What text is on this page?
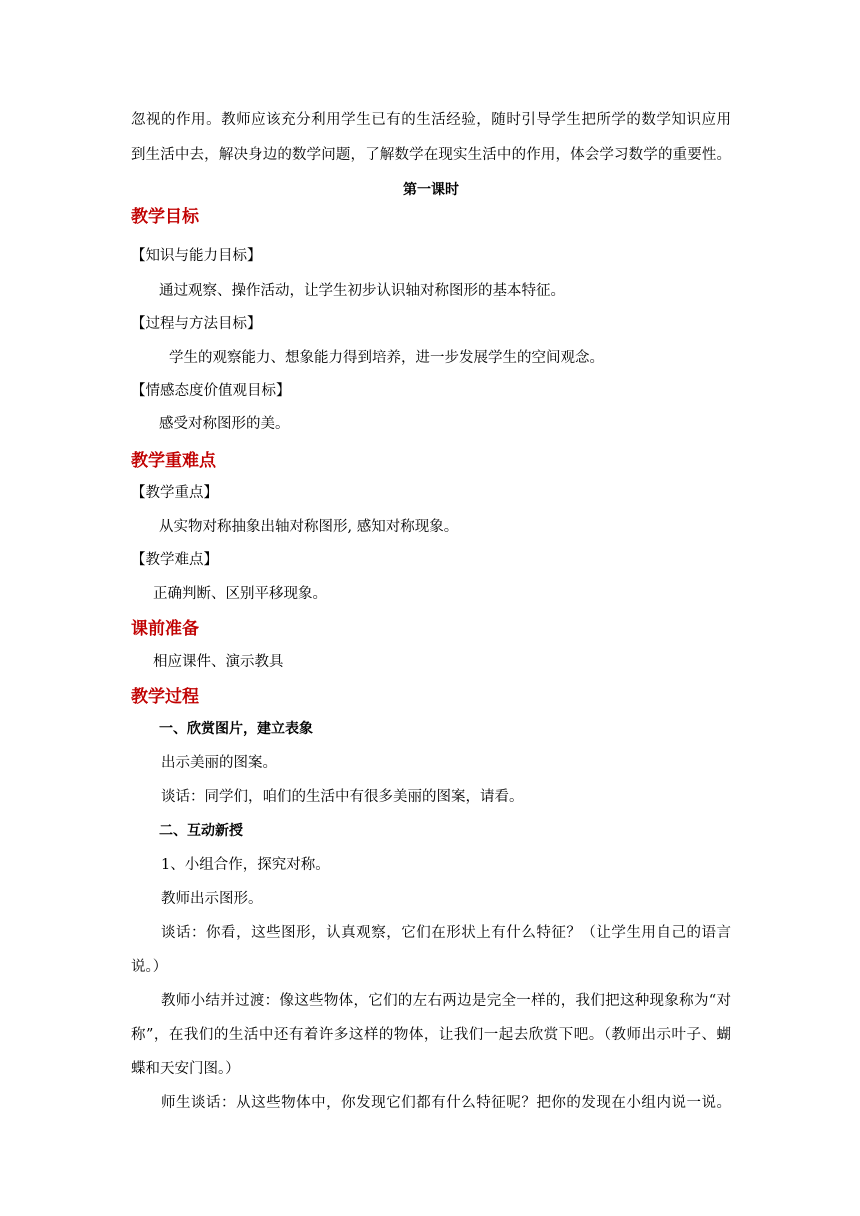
忽视的作用。教师应该充分利用学生已有的生活经验，随时引导学生把所学的数学知识应用
到生活中去，解决身边的数学问题，了解数学在现实生活中的作用，体会学习数学的重要性。
第一课时
教学目标
【知识与能力目标】
通过观察、操作活动，让学生初步认识轴对称图形的基本特征。
【过程与方法目标】
学生的观察能力、想象能力得到培养，进一步发展学生的空间观念。
【情感态度价值观目标】
感受对称图形的美。
教学重难点
【教学重点】
从实物对称抽象出轴对称图形, 感知对称现象。
【教学难点】
正确判断、区别平移现象。
课前准备
相应课件、演示教具
教学过程
一、欣赏图片，建立表象
出示美丽的图案。
谈话：同学们，咱们的生活中有很多美丽的图案，请看。
二、互动新授
1、小组合作，探究对称。
教师出示图形。
谈话：你看，这些图形，认真观察，它们在形状上有什么特征？（让学生用自己的语言
说。）
教师小结并过渡：像这些物体，它们的左右两边是完全一样的，我们把这种现象称为“对
称”，在我们的生活中还有着许多这样的物体，让我们一起去欣赏下吧。（教师出示叶子、蝴
蝶和天安门图。）
师生谈话：从这些物体中，你发现它们都有什么特征呢？把你的发现在小组内说一说。
